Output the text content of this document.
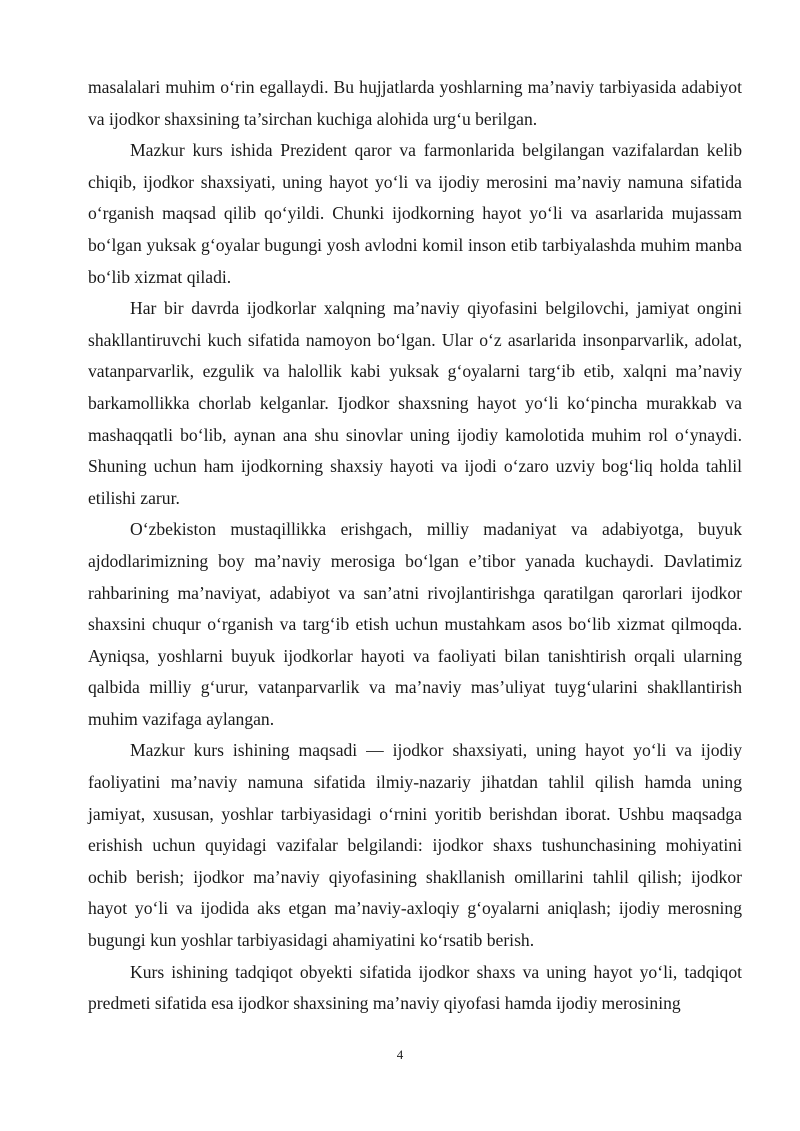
masalalari muhim o‘rin egallaydi. Bu hujjatlarda yoshlarning ma’naviy tarbiyasida adabiyot va ijodkor shaxsining ta’sirchan kuchiga alohida urg‘u berilgan.

Mazkur kurs ishida Prezident qaror va farmonlarida belgilangan vazifalardan kelib chiqib, ijodkor shaxsiyati, uning hayot yo‘li va ijodiy merosini ma’naviy namuna sifatida o‘rganish maqsad qilib qo‘yildi. Chunki ijodkorning hayot yo‘li va asarlarida mujassam bo‘lgan yuksak g‘oyalar bugungi yosh avlodni komil inson etib tarbiyalashda muhim manba bo‘lib xizmat qiladi.

Har bir davrda ijodkorlar xalqning ma’naviy qiyofasini belgilovchi, jamiyat ongini shakllantiruvchi kuch sifatida namoyon bo‘lgan. Ular o‘z asarlarida insonparvarlik, adolat, vatanparvarlik, ezgulik va halollik kabi yuksak g‘oyalarni targ‘ib etib, xalqni ma’naviy barkamollikka chorlab kelganlar. Ijodkor shaxsning hayot yo‘li ko‘pincha murakkab va mashaqqatli bo‘lib, aynan ana shu sinovlar uning ijodiy kamolotida muhim rol o‘ynaydi. Shuning uchun ham ijodkorning shaxsiy hayoti va ijodi o‘zaro uzviy bog‘liq holda tahlil etilishi zarur.

O‘zbekiston mustaqillikka erishgach, milliy madaniyat va adabiyotga, buyuk ajdodlarimizning boy ma’naviy merosiga bo‘lgan e’tibor yanada kuchaydi. Davlatimiz rahbarining ma’naviyat, adabiyot va san’atni rivojlantirishga qaratilgan qarorlari ijodkor shaxsini chuqur o‘rganish va targ‘ib etish uchun mustahkam asos bo‘lib xizmat qilmoqda. Ayniqsa, yoshlarni buyuk ijodkorlar hayoti va faoliyati bilan tanishtirish orqali ularning qalbida milliy g‘urur, vatanparvarlik va ma’naviy mas’uliyat tuyg‘ularini shakllantirish muhim vazifaga aylangan.

Mazkur kurs ishining maqsadi — ijodkor shaxsiyati, uning hayot yo‘li va ijodiy faoliyatini ma’naviy namuna sifatida ilmiy-nazariy jihatdan tahlil qilish hamda uning jamiyat, xususan, yoshlar tarbiyasidagi o‘rnini yoritib berishdan iborat. Ushbu maqsadga erishish uchun quyidagi vazifalar belgilandi: ijodkor shaxs tushunchasining mohiyatini ochib berish; ijodkor ma’naviy qiyofasining shakllanish omillarini tahlil qilish; ijodkor hayot yo‘li va ijodida aks etgan ma’naviy-axloqiy g‘oyalarni aniqlash; ijodiy merosning bugungi kun yoshlar tarbiyasidagi ahamiyatini ko‘rsatib berish.

Kurs ishining tadqiqot obyekti sifatida ijodkor shaxs va uning hayot yo‘li, tadqiqot predmeti sifatida esa ijodkor shaxsining ma’naviy qiyofasi hamda ijodiy merosining

4
